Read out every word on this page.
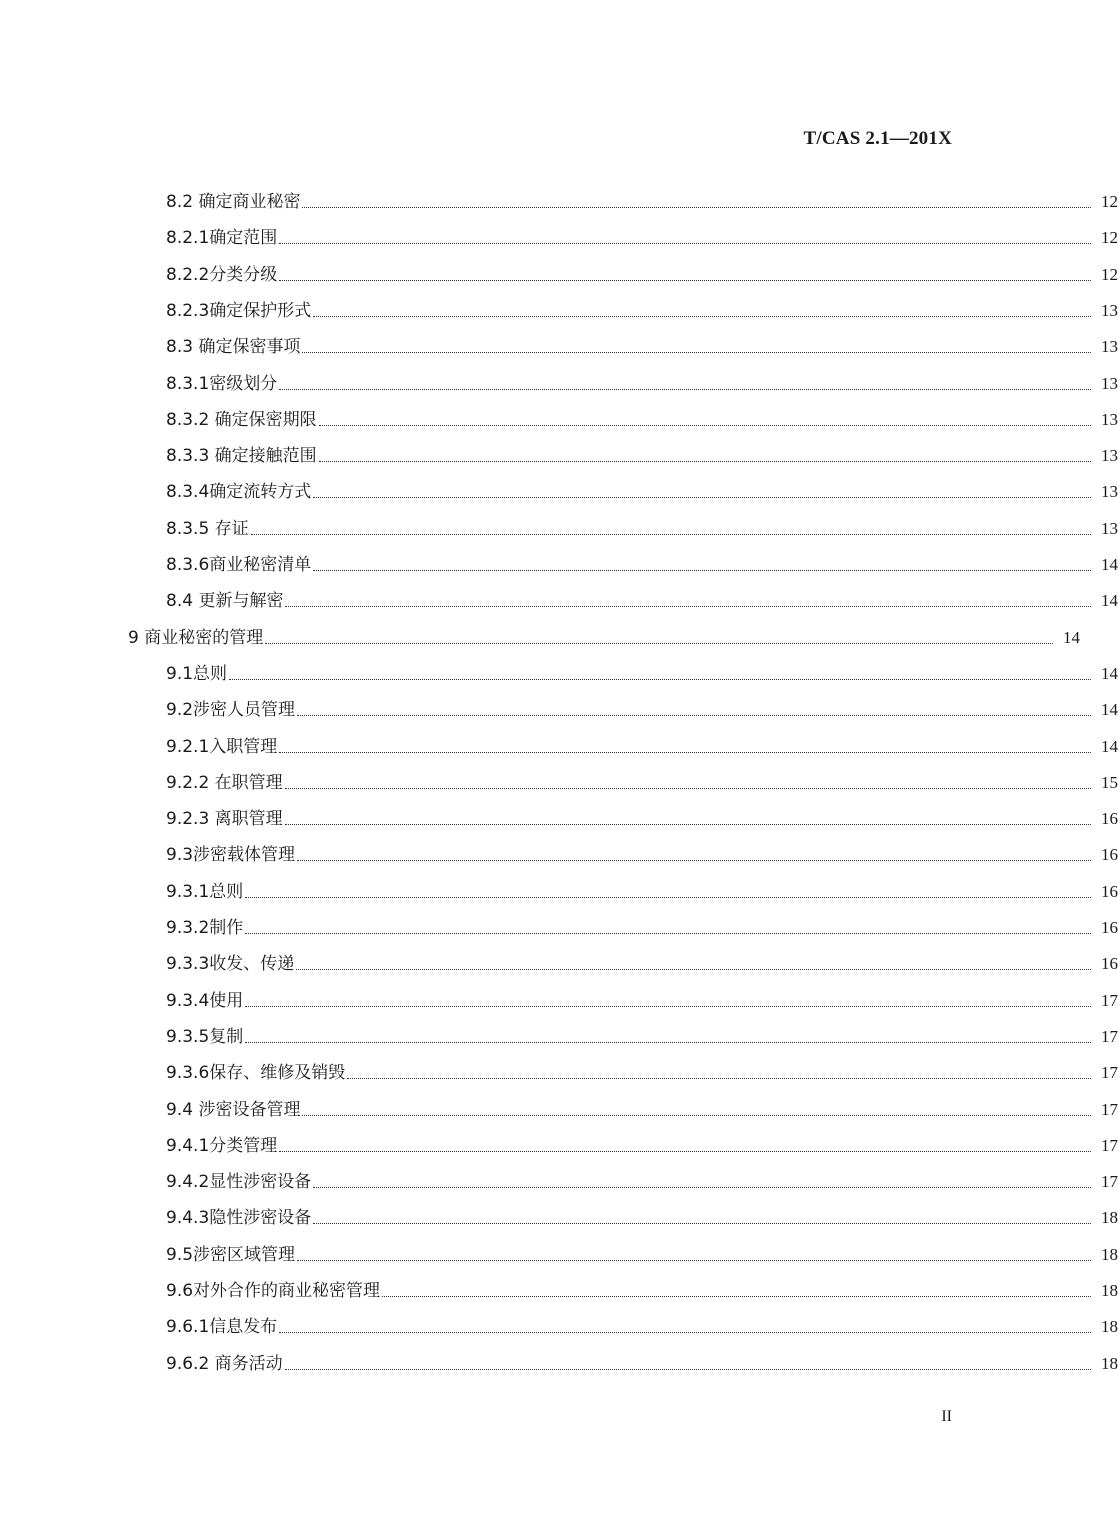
T/CAS 2.1—201X
8.2 确定商业秘密	12
8.2.1确定范围	12
8.2.2分类分级	12
8.2.3确定保护形式	13
8.3 确定保密事项	13
8.3.1密级划分	13
8.3.2 确定保密期限	13
8.3.3 确定接触范围	13
8.3.4确定流转方式	13
8.3.5 存证	13
8.3.6商业秘密清单	14
8.4 更新与解密	14
9 商业秘密的管理	14
9.1总则	14
9.2涉密人员管理	14
9.2.1入职管理	14
9.2.2 在职管理	15
9.2.3 离职管理	16
9.3涉密载体管理	16
9.3.1总则	16
9.3.2制作	16
9.3.3收发、传递	16
9.3.4使用	17
9.3.5复制	17
9.3.6保存、维修及销毁	17
9.4 涉密设备管理	17
9.4.1分类管理	17
9.4.2显性涉密设备	17
9.4.3隐性涉密设备	18
9.5涉密区域管理	18
9.6对外合作的商业秘密管理	18
9.6.1信息发布	18
9.6.2 商务活动	18
II
